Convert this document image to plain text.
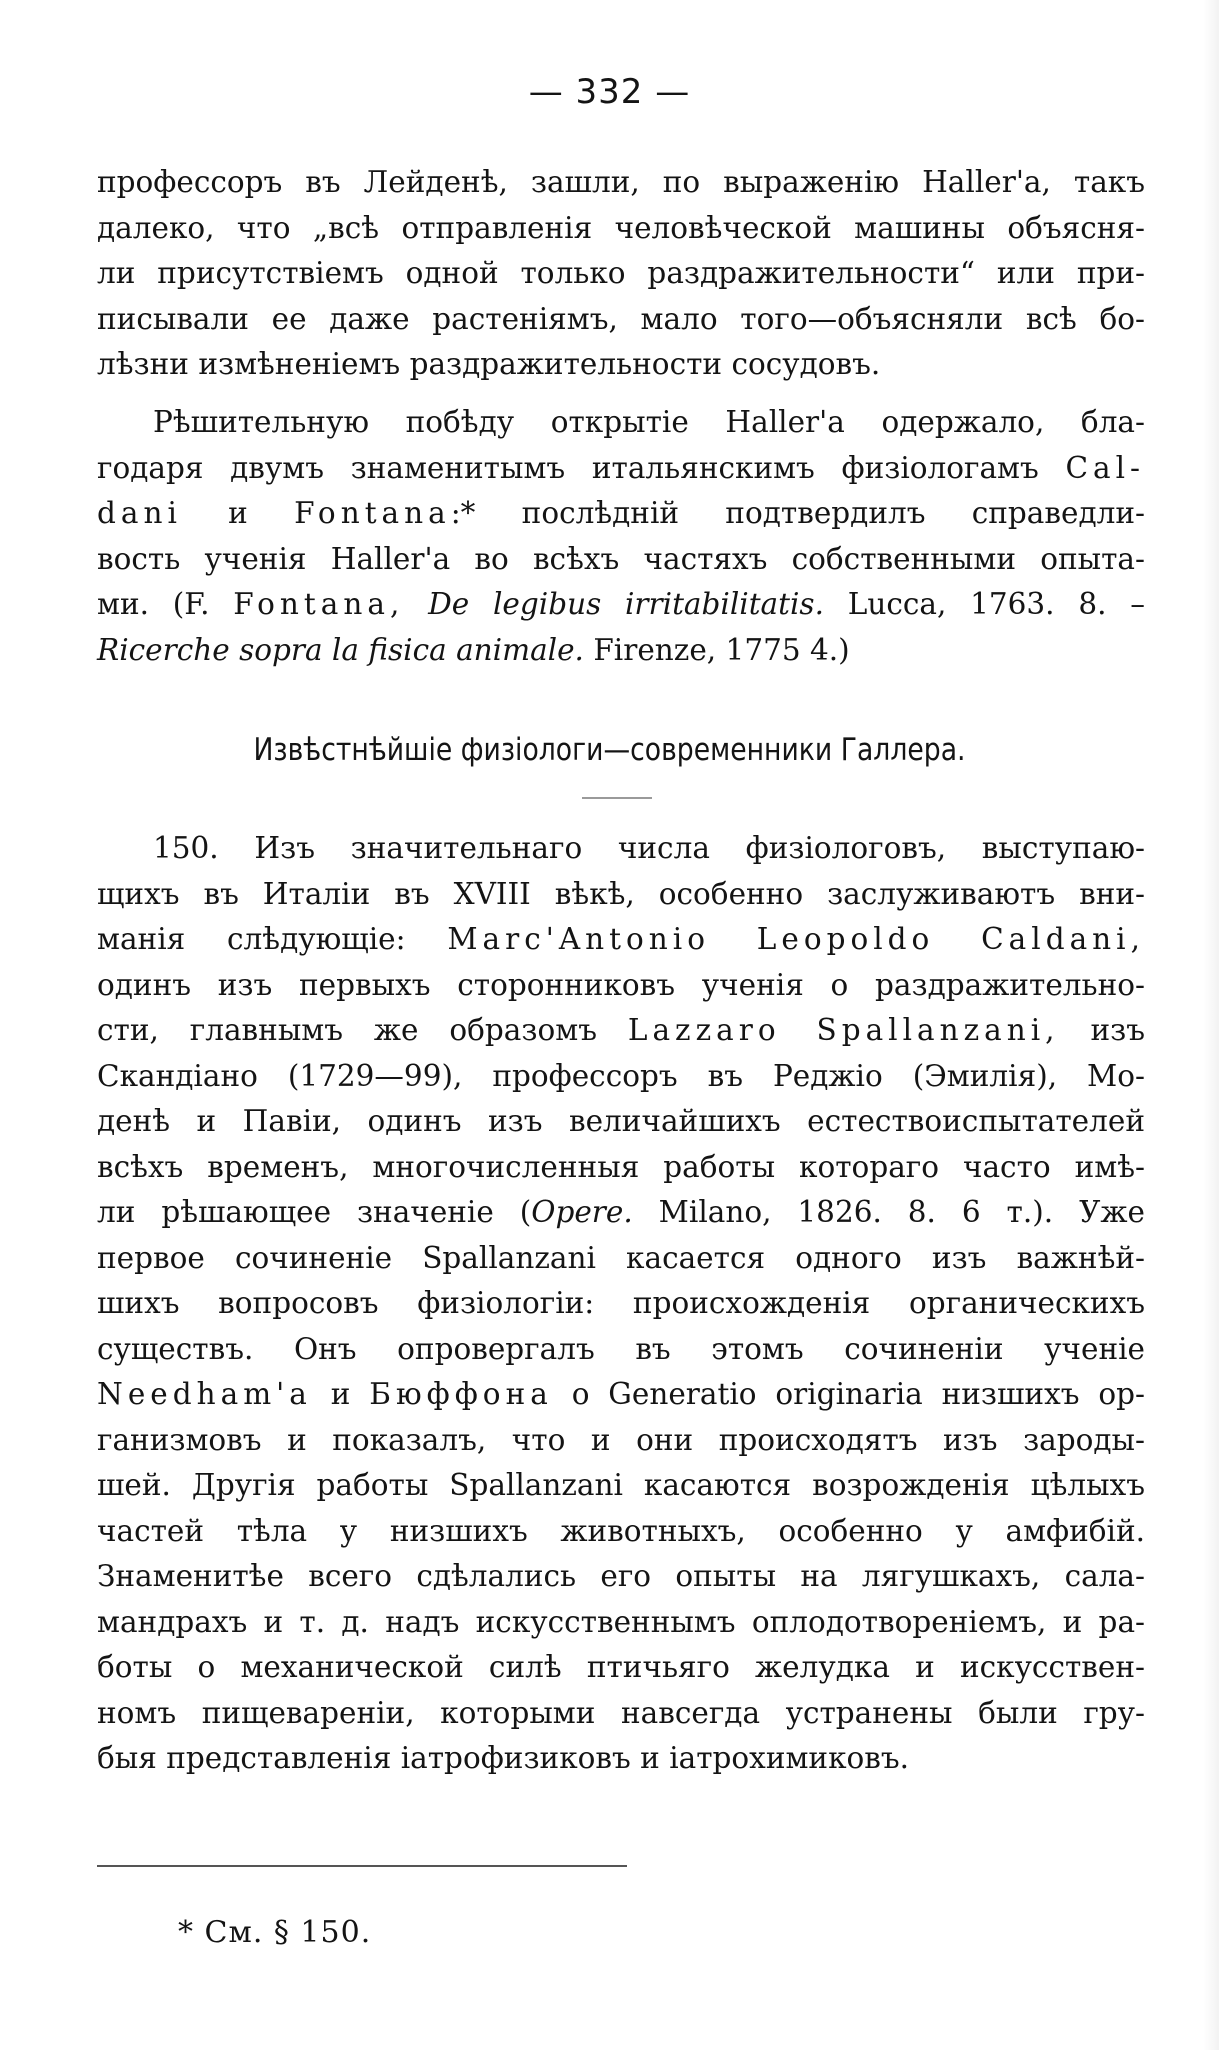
— 332 —
профессоръ въ Лейденѣ, зашли, по выраженію Haller'а, такъ
далеко, что „всѣ отправленія человѣческой машины объясня-
ли присутствіемъ одной только раздражительности“ или при-
писывали ее даже растеніямъ, мало того—объясняли всѣ бо-
лѣзни измѣненіемъ раздражительности сосудовъ.
Рѣшительную побѣду открытіе Haller'а одержало, бла-
годаря двумъ знаменитымъ итальянскимъ физіологамъ Cal-
dani и Fontana:* послѣдній подтвердилъ справедли-
вость ученія Haller'а во всѣхъ частяхъ собственными опыта-
ми. (F. Fontana, De legibus irritabilitatis. Lucca, 1763. 8. –
Ricerche sopra la fisica animale. Firenze, 1775 4.)
Извѣстнѣйшіе физіологи—современники Галлера.
150. Изъ значительнаго числа физіологовъ, выступаю-
щихъ въ Италіи въ XVIII вѣкѣ, особенно заслуживаютъ вни-
манія слѣдующіе: Marc'Antonio Leopoldo Caldani,
одинъ изъ первыхъ сторонниковъ ученія о раздражительно-
сти, главнымъ же образомъ Lazzaro Spallanzani, изъ
Скандіано (1729—99), профессоръ въ Реджіо (Эмилія), Мо-
денѣ и Павіи, одинъ изъ величайшихъ естествоиспытателей
всѣхъ временъ, многочисленныя работы котораго часто имѣ-
ли рѣшающее значеніе (Opere. Milano, 1826. 8. 6 т.). Уже
первое сочиненіе Spallanzani касается одного изъ важнѣй-
шихъ вопросовъ физіологіи: происхожденія органическихъ
существъ. Онъ опровергалъ въ этомъ сочиненіи ученіе
Needham'а и Бюффона о Generatio originaria низшихъ ор-
ганизмовъ и показалъ, что и они происходятъ изъ зароды-
шей. Другія работы Spallanzani касаются возрожденія цѣлыхъ
частей тѣла у низшихъ животныхъ, особенно у амфибій.
Знаменитѣе всего сдѣлались его опыты на лягушкахъ, сала-
мандрахъ и т. д. надъ искусственнымъ оплодотвореніемъ, и ра-
боты о механической силѣ птичьяго желудка и искусствен-
номъ пищевареніи, которыми навсегда устранены были гру-
быя представленія іатрофизиковъ и іатрохимиковъ.
* См. § 150.
